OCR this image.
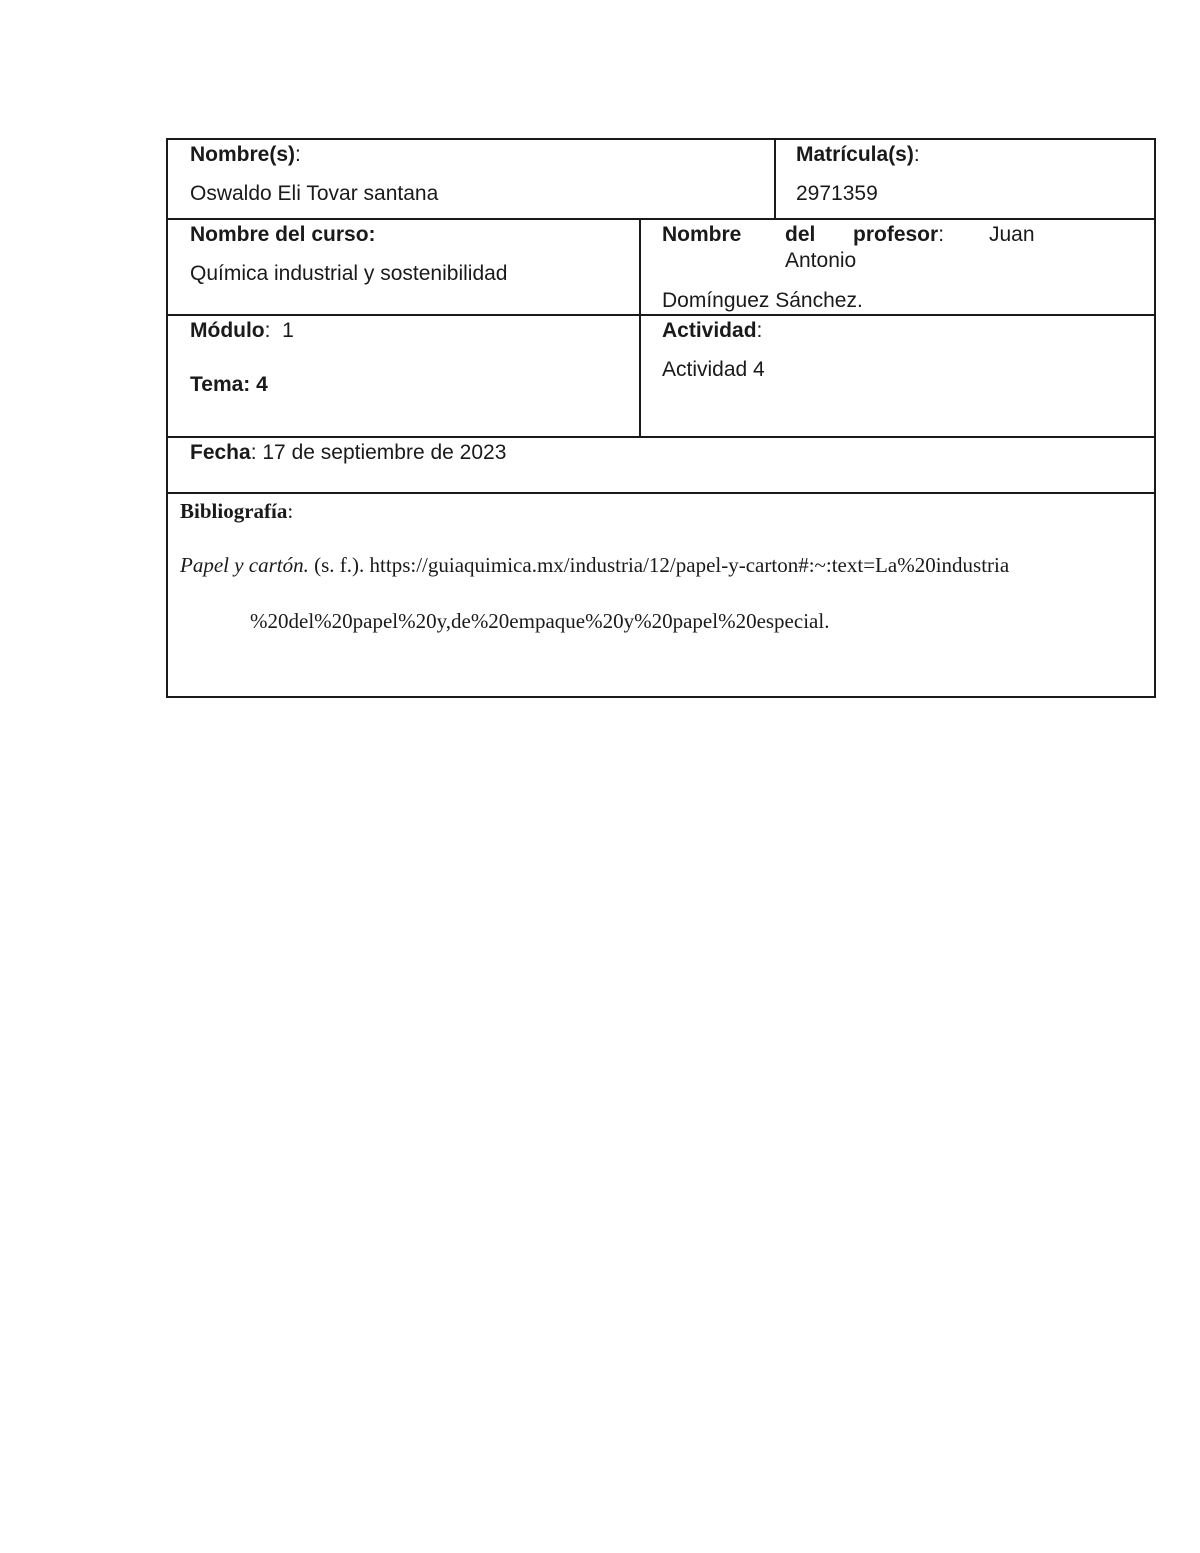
Nombre(s):
Oswaldo Eli Tovar santana
Matrícula(s):
2971359
Nombre del curso:
Química industrial y sostenibilidad
Nombre	del	profesor:	Juan
Antonio
Domínguez Sánchez.
Módulo:  1
Tema: 4
Actividad:
Actividad 4
Fecha: 17 de septiembre de 2023
Bibliografía:
Papel y cartón. (s. f.). https://guiaquimica.mx/industria/12/papel-y-carton#:~:text=La%20industria
%20del%20papel%20y,de%20empaque%20y%20papel%20especial.
